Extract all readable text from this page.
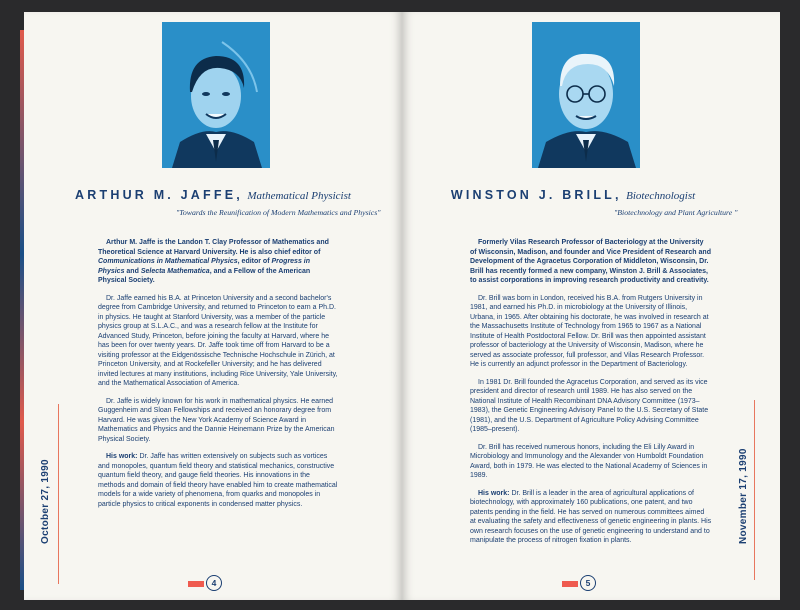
ARTHUR M. JAFFE, Mathematical Physicist
"Towards the Reunification of Modern Mathematics and Physics"

Arthur M. Jaffe is the Landon T. Clay Professor of Mathematics and Theoretical Science at Harvard University. He is also chief editor of Communications in Mathematical Physics, editor of Progress in Physics and Selecta Mathematica, and a Fellow of the American Physical Society.

Dr. Jaffe earned his B.A. at Princeton University and a second bachelor's degree from Cambridge University, and returned to Princeton to earn a Ph.D. in physics. He taught at Stanford University, was a member of the particle physics group at S.L.A.C., and was a research fellow at the Institute for Advanced Study, Princeton, before joining the faculty at Harvard, where he has been for over twenty years. Dr. Jaffe took time off from Harvard to be a visiting professor at the Eidgenössische Technische Hochschule in Zürich, at Princeton University, and at Rockefeller University; and he has delivered invited lectures at many institutions, including Rice University, Yale University, and the Mathematical Association of America.

Dr. Jaffe is widely known for his work in mathematical physics. He earned Guggenheim and Sloan Fellowships and received an honorary degree from Harvard. He was given the New York Academy of Science Award in Mathematics and Physics and the Dannie Heinemann Prize by the American Physical Society.

His work: Dr. Jaffe has written extensively on subjects such as vortices and monopoles, quantum field theory and statistical mechanics, constructive quantum field theory, and gauge field theories. His innovations in the methods and domain of field theory have enabled him to create mathematical models for a wide variety of phenomena, from quarks and monopoles in particle physics to critical exponents in condensed matter physics.

October 27, 1990
4
WINSTON J. BRILL, Biotechnologist
"Biotechnology and Plant Agriculture "

Formerly Vilas Research Professor of Bacteriology at the University of Wisconsin, Madison, and founder and Vice President of Research and Development of the Agracetus Corporation of Middleton, Wisconsin, Dr. Brill has recently formed a new company, Winston J. Brill & Associates, to assist corporations in improving research productivity and creativity.

Dr. Brill was born in London, received his B.A. from Rutgers University in 1981, and earned his Ph.D. in microbiology at the University of Illinois, Urbana, in 1965. After obtaining his doctorate, he was involved in research at the Massachusetts Institute of Technology from 1965 to 1967 as a National Institute of Health Postdoctoral Fellow. Dr. Brill was then appointed assistant professor of bacteriology at the University of Wisconsin, Madison, where he served as associate professor, full professor, and Vilas Research Professor. He is currently an adjunct professor in the Department of Bacteriology.

In 1981 Dr. Brill founded the Agracetus Corporation, and served as its vice president and director of research until 1989. He has also served on the National Institute of Health Recombinant DNA Advisory Committee (1973–1983), the Genetic Engineering Advisory Panel to the U.S. Secretary of State (1981), and the U.S. Department of Agriculture Policy Advising Committee (1985–present).

Dr. Brill has received numerous honors, including the Eli Lilly Award in Microbiology and Immunology and the Alexander von Humboldt Foundation Award, both in 1979. He was elected to the National Academy of Sciences in 1989.

His work: Dr. Brill is a leader in the area of agricultural applications of biotechnology, with approximately 160 publications, one patent, and two patents pending in the field. He has served on numerous committees aimed at evaluating the safety and effectiveness of genetic engineering in plants. His own research focuses on the use of genetic engineering to understand and to manipulate the process of nitrogen fixation in plants.	November 17, 1990
5
